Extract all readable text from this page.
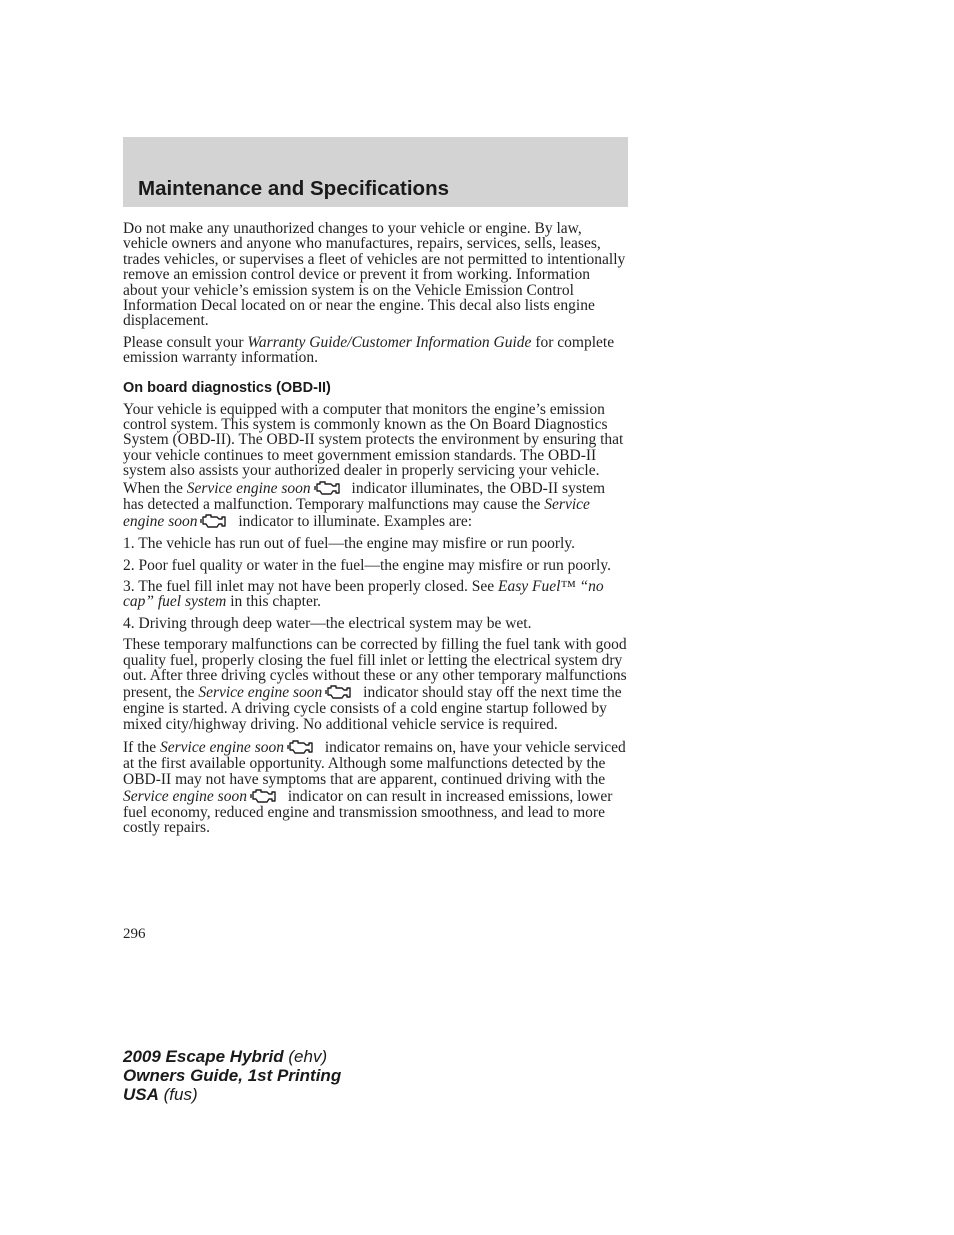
Maintenance and Specifications

Do not make any unauthorized changes to your vehicle or engine. By law, vehicle owners and anyone who manufactures, repairs, services, sells, leases, trades vehicles, or supervises a fleet of vehicles are not permitted to intentionally remove an emission control device or prevent it from working. Information about your vehicle’s emission system is on the Vehicle Emission Control Information Decal located on or near the engine. This decal also lists engine displacement.

Please consult your Warranty Guide/Customer Information Guide for complete emission warranty information.

On board diagnostics (OBD-II)

Your vehicle is equipped with a computer that monitors the engine’s emission control system. This system is commonly known as the On Board Diagnostics System (OBD-II). The OBD-II system protects the environment by ensuring that your vehicle continues to meet government emission standards. The OBD-II system also assists your authorized dealer in properly servicing your vehicle. When the Service engine soon
indicator illuminates, the OBD-II system has detected a malfunction. Temporary malfunctions may cause the Service engine soon
indicator to illuminate. Examples are:

1. The vehicle has run out of fuel—the engine may misfire or run poorly.

2. Poor fuel quality or water in the fuel—the engine may misfire or run poorly.

3. The fuel fill inlet may not have been properly closed. See Easy Fuel™ “no cap” fuel system in this chapter.

4. Driving through deep water—the electrical system may be wet.

These temporary malfunctions can be corrected by filling the fuel tank with good quality fuel, properly closing the fuel fill inlet or letting the electrical system dry out. After three driving cycles without these or any other temporary malfunctions present, the Service engine soon
indicator should stay off the next time the engine is started. A driving cycle consists of a cold engine startup followed by mixed city/highway driving. No additional vehicle service is required.

If the Service engine soon
indicator remains on, have your vehicle serviced at the first available opportunity. Although some malfunctions detected by the OBD-II may not have symptoms that are apparent, continued driving with the Service engine soon
indicator on can result in increased emissions, lower fuel economy, reduced engine and transmission smoothness, and lead to more costly repairs.

296
2009 Escape Hybrid (ehv)
Owners Guide, 1st Printing
USA (fus)
